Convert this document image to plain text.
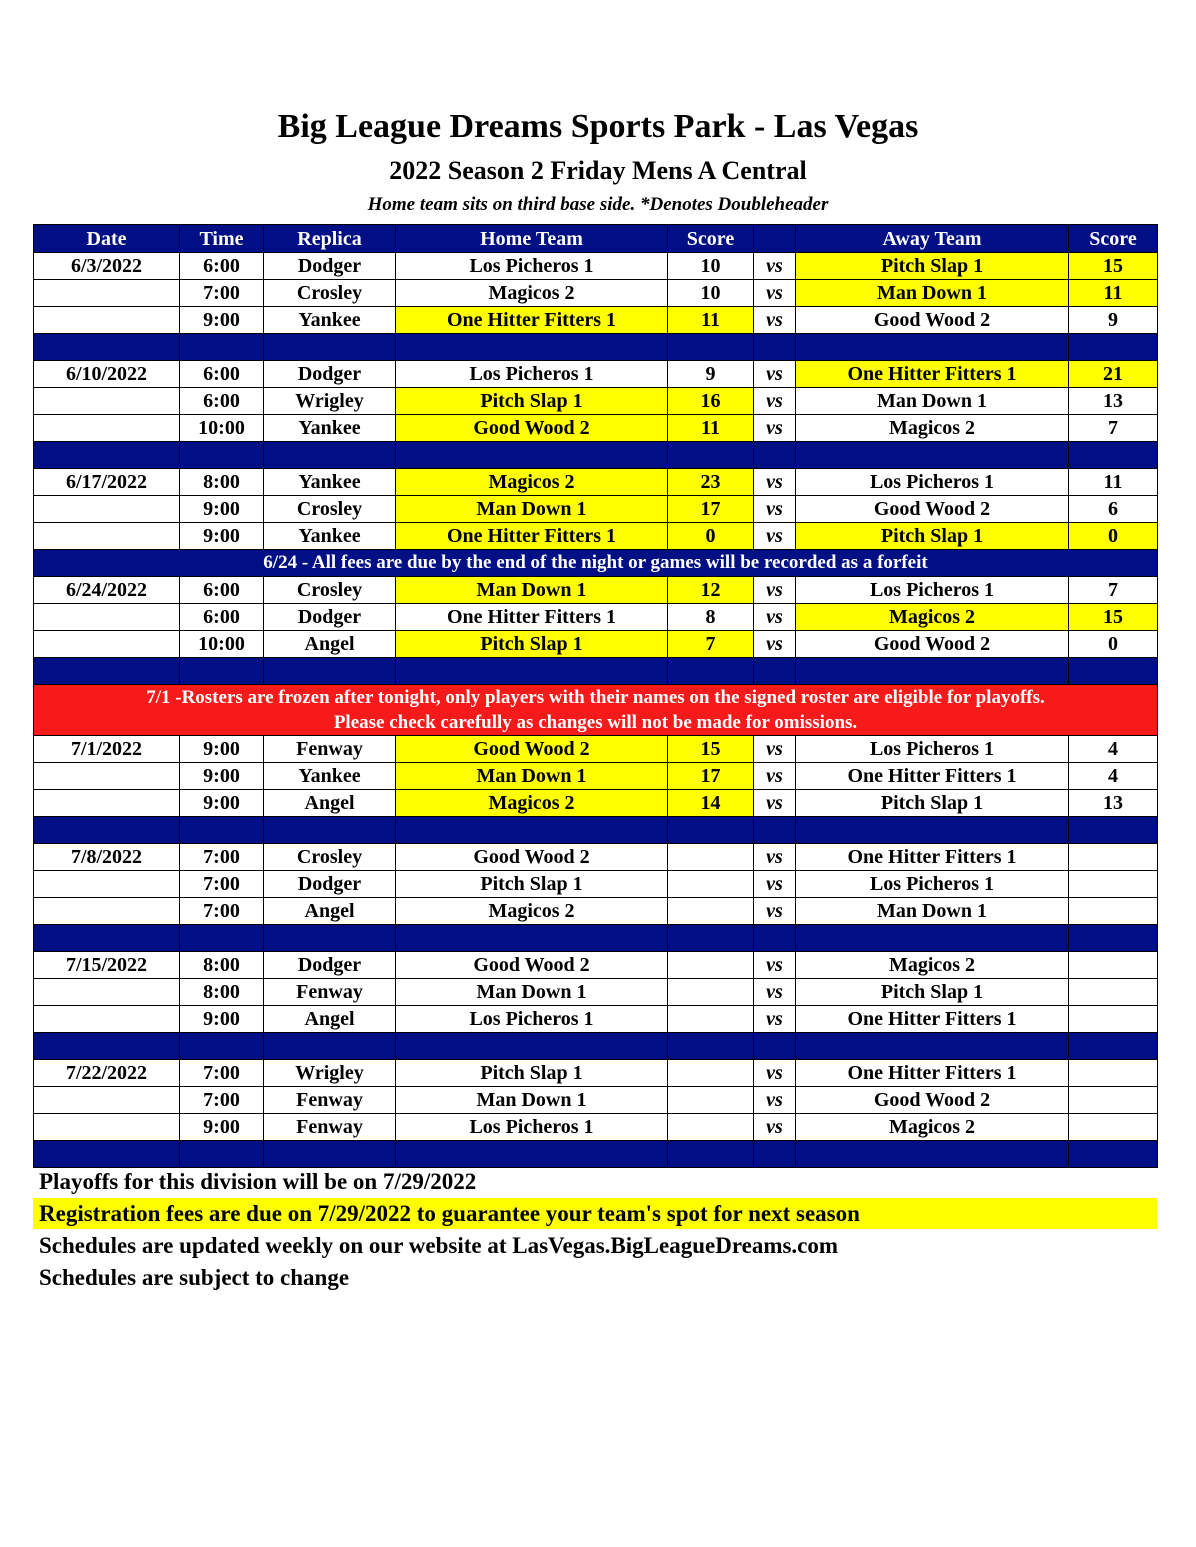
Big League Dreams Sports Park - Las Vegas
2022 Season 2 Friday Mens A Central
Home team sits on third base side. *Denotes Doubleheader
Date	Time	Replica	Home Team	Score		Away Team	Score
6/3/2022	6:00	Dodger	Los Picheros 1	10	vs	Pitch Slap 1	15
	7:00	Crosley	Magicos 2	10	vs	Man Down 1	11
	9:00	Yankee	One Hitter Fitters 1	11	vs	Good Wood 2	9

6/10/2022	6:00	Dodger	Los Picheros 1	9	vs	One Hitter Fitters 1	21
	6:00	Wrigley	Pitch Slap 1	16	vs	Man Down 1	13
	10:00	Yankee	Good Wood 2	11	vs	Magicos 2	7

6/17/2022	8:00	Yankee	Magicos 2	23	vs	Los Picheros 1	11
	9:00	Crosley	Man Down 1	17	vs	Good Wood 2	6
	9:00	Yankee	One Hitter Fitters 1	0	vs	Pitch Slap 1	0
6/24 - All fees are due by the end of the night or games will be recorded as a forfeit							
6/24/2022	6:00	Crosley	Man Down 1	12	vs	Los Picheros 1	7
	6:00	Dodger	One Hitter Fitters 1	8	vs	Magicos 2	15
	10:00	Angel	Pitch Slap 1	7	vs	Good Wood 2	0

7/1 -Rosters are frozen after tonight, only players with their names on the signed roster are eligible for playoffs.
Please check carefully as changes will not be made for omissions.							

7/1/2022	9:00	Fenway	Good Wood 2	15	vs	Los Picheros 1	4
	9:00	Yankee	Man Down 1	17	vs	One Hitter Fitters 1	4
	9:00	Angel	Magicos 2	14	vs	Pitch Slap 1	13

7/8/2022	7:00	Crosley	Good Wood 2		vs	One Hitter Fitters 1	
	7:00	Dodger	Pitch Slap 1		vs	Los Picheros 1	
	7:00	Angel	Magicos 2		vs	Man Down 1	

7/15/2022	8:00	Dodger	Good Wood 2		vs	Magicos 2	
	8:00	Fenway	Man Down 1		vs	Pitch Slap 1	
	9:00	Angel	Los Picheros 1		vs	One Hitter Fitters 1	

7/22/2022	7:00	Wrigley	Pitch Slap 1		vs	One Hitter Fitters 1	
	7:00	Fenway	Man Down 1		vs	Good Wood 2	
	9:00	Fenway	Los Picheros 1		vs	Magicos 2	

Playoffs for this division will be on 7/29/2022
Registration fees are due on 7/29/2022 to guarantee your team's spot for next season
Schedules are updated weekly on our website at LasVegas.BigLeagueDreams.com
Schedules are subject to change
